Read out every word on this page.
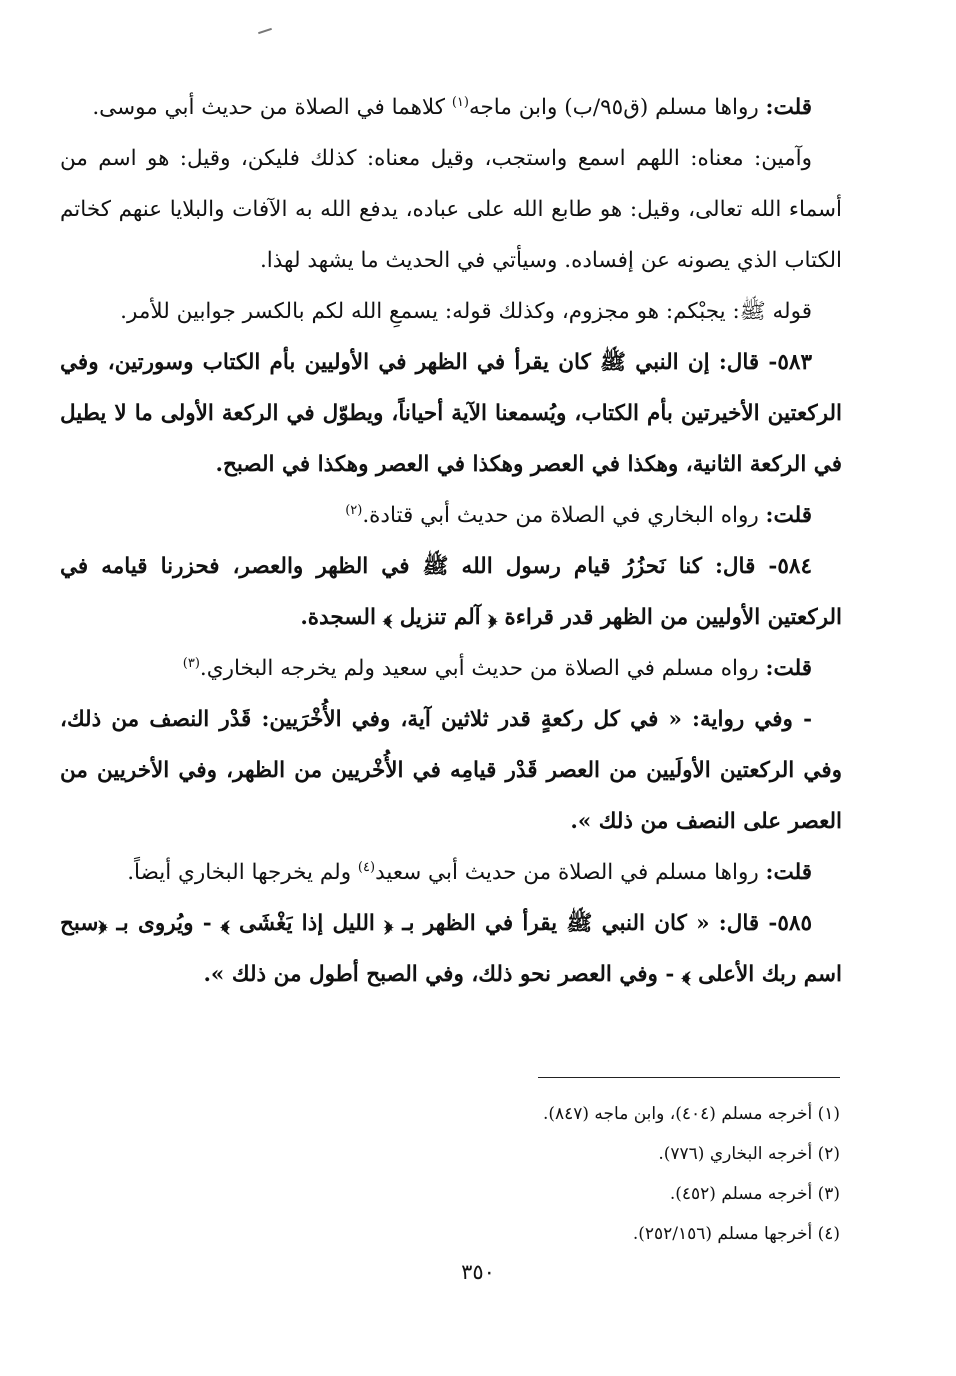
قلت: رواها مسلم (ق٩٥/ب) وابن ماجه$^{(١)}$ كلاهما في الصلاة من حديث أبي موسى.

وآمين: معناه: اللهم اسمع واستجب، وقيل معناه: كذلك فليكن، وقيل: هو اسم من أسماء الله تعالى، وقيل: هو طابع الله على عباده، يدفع الله به الآفات والبلايا عنهم كخاتم الكتاب الذي يصونه عن إفساده. وسيأتي في الحديث ما يشهد لهذا.

قوله ﷺ: يجبْكم: هو مجزوم، وكذلك قوله: يسمعِ الله لكم بالكسر جوابين للأمر.

٥٨٣- قال: إن النبي ﷺ كان يقرأ في الظهر في الأوليين بأم الكتاب وسورتين، وفي الركعتين الأخيرتين بأم الكتاب، ويُسمعنا الآية أحياناً، ويطوّل في الركعة الأولى ما لا يطيل في الركعة الثانية، وهكذا في العصر وهكذا في العصر وهكذا في الصبح.

قلت: رواه البخاري في الصلاة من حديث أبي قتادة.$^{(٢)}$

٥٨٤- قال: كنا نَحزُرُ قيام رسول الله ﷺ في الظهر والعصر، فحزرنا قيامه في الركعتين الأوليين من الظهر قدر قراءة ﴿ آلم تنزيل ﴾ السجدة.

قلت: رواه مسلم في الصلاة من حديث أبي سعيد ولم يخرجه البخاري.$^{(٣)}$

- وفي رواية: « في كل ركعةٍ قدر ثلاثين آية، وفي الأُخْرَيين: قَدْر النصف من ذلك، وفي الركعتين الأولَيين من العصر قَدْر قيامِه في الأُخْريين من الظهر، وفي الأخريين من العصر على النصف من ذلك ».

قلت: رواها مسلم في الصلاة من حديث أبي سعيد$^{(٤)}$ ولم يخرجها البخاري أيضاً.

٥٨٥- قال: « كان النبي ﷺ يقرأ في الظهر بـ ﴿ الليل إذا يَغْشَى ﴾ - ويُروى بـ ﴿سبح اسم ربك الأعلى ﴾ - وفي العصر نحو ذلك، وفي الصبح أطول من ذلك ».

(١) أخرجه مسلم (٤٠٤)، وابن ماجه (٨٤٧).

(٢) أخرجه البخاري (٧٧٦).

(٣) أخرجه مسلم (٤٥٢).

(٤) أخرجها مسلم (٢٥٢/١٥٦).

٣٥٠
